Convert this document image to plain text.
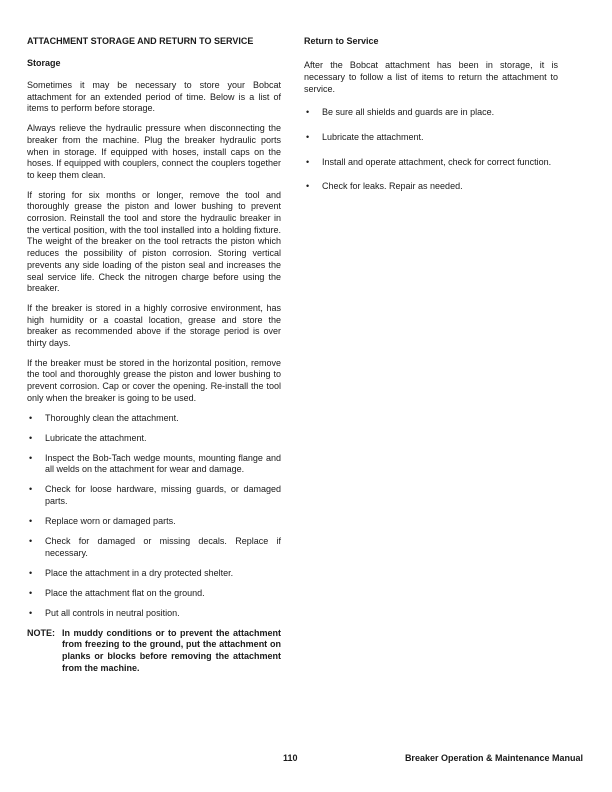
ATTACHMENT STORAGE AND RETURN TO SERVICE
Storage

Sometimes it may be necessary to store your Bobcat attachment for an extended period of time. Below is a list of items to perform before storage.

Always relieve the hydraulic pressure when disconnecting the breaker from the machine. Plug the breaker hydraulic ports when in storage. If equipped with hoses, install caps on the hoses. If equipped with couplers, connect the couplers together to keep them clean.

If storing for six months or longer, remove the tool and thoroughly grease the piston and lower bushing to prevent corrosion. Reinstall the tool and store the hydraulic breaker in the vertical position, with the tool installed into a holding fixture. The weight of the breaker on the tool retracts the piston which reduces the possibility of piston corrosion. Storing vertical prevents any side loading of the piston seal and increases the seal service life. Check the nitrogen charge before using the breaker.

If the breaker is stored in a highly corrosive environment, has high humidity or a coastal location, grease and store the breaker as recommended above if the storage period is over thirty days.

If the breaker must be stored in the horizontal position, remove the tool and thoroughly grease the piston and lower bushing to prevent corrosion. Cap or cover the opening. Re-install the tool only when the breaker is going to be used.

•	Thoroughly clean the attachment.
•	Lubricate the attachment.
•	Inspect the Bob-Tach wedge mounts, mounting flange and all welds on the attachment for wear and damage.
•	Check for loose hardware, missing guards, or damaged parts.
•	Replace worn or damaged parts.
•	Check for damaged or missing decals. Replace if necessary.
•	Place the attachment in a dry protected shelter.
•	Place the attachment flat on the ground.
•	Put all controls in neutral position.
NOTE: In muddy conditions or to prevent the attachment from freezing to the ground, put the attachment on planks or blocks before removing the attachment from the machine.
Return to Service

After the Bobcat attachment has been in storage, it is necessary to follow a list of items to return the attachment to service.

•	Be sure all shields and guards are in place.
•	Lubricate the attachment.
•	Install and operate attachment, check for correct function.
•	Check for leaks. Repair as needed.
110	Breaker Operation & Maintenance Manual
